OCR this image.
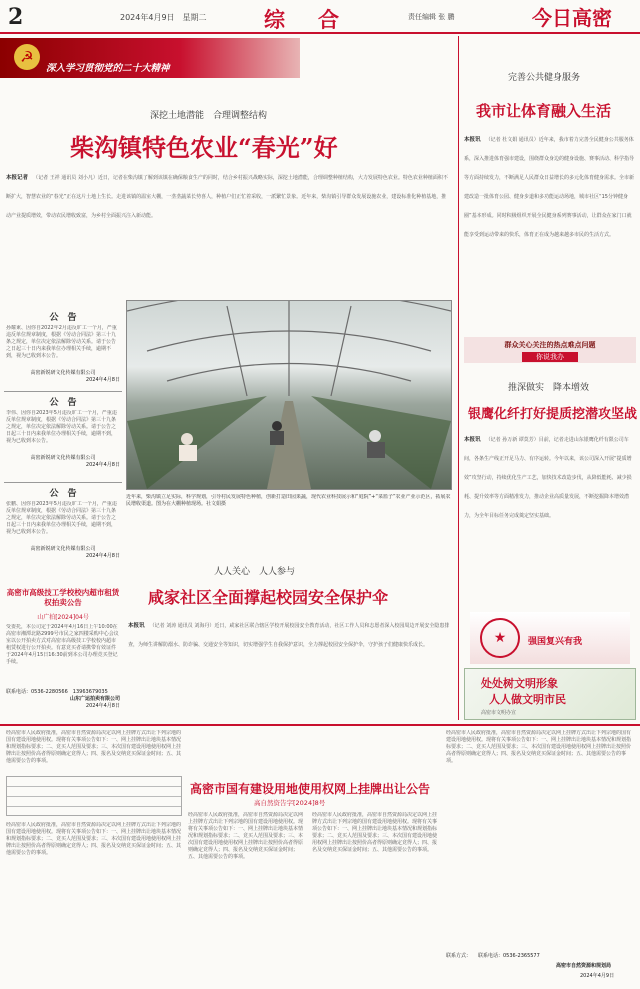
2	2024年4月9日　星期二	综　合	责任编辑 张 鹏	今日高密
☭
深入学习贯彻党的二十大精神
深挖土地潜能　合理调整结构
柴沟镇特色农业“春光”好
本报记者 （记者 王祥 通讯员 刘小凡）近日，记者在柴沟镇了解到该镇在确保粮食生产的同时，结合乡村振兴战略实际，深挖土地潜能，合理调整种植结构，大力发展特色农业。特色农业种植面积不断扩大，智慧农业的“春光”正在这片土地上生长。走进该镇的温室大棚，一垄垄蔬菜长势喜人，种植户们正忙着采收，一派繁忙景象。近年来，柴沟镇引导群众发展设施农业，建设标准化种植基地，推动产业提质增效，带动农民增收致富，为乡村全面振兴注入新动能。
公　告
孙耀東、因你自2022年2月违反旷工一个月，严重违反单位规章制度，根据《劳动合同法》第三十九条之规定，单位决定依法解除劳动关系。请于公告之日起三十日内来我单位办理相关手续，逾期不到，视为已收到本公告。
高密新锐研文化传媒有限公司
2024年4月8日
公　告
李伟、因你自2023年5月违反旷工一个月，严重违反单位规章制度，根据《劳动合同法》第三十九条之规定，单位决定依法解除劳动关系。请于公告之日起三十日内来我单位办理相关手续，逾期不到，视为已收到本公告。
高密新锐研文化传媒有限公司
2024年4月8日
公　告
张鹏、因你自2023年5月违反旷工一个月，严重违反单位规章制度，根据《劳动合同法》第三十九条之规定，单位决定依法解除劳动关系。请于公告之日起三十日内来我单位办理相关手续，逾期不到，视为已收到本公告。
高密新锐研文化传媒有限公司
2024年4月8日
高密市高级技工学校校内超市租赁权拍卖公告
山广拍[2024]04号
受委托，本公司定于2024年4月16日上午10:00在高密市湘潭北路2999号市民之家四楼采购中心会议室以公开拍卖方式对高密市高级技工学校校内超市租赁权进行公开拍卖。有意竞买者请携带有效证件于2024年4月15日16:30前到本公司办理竞买登记手续。
联系电话：0536-2280566　13963679035
山东广运拍卖有限公司
2024年4月8日
近年来，柴沟镇立足实际，科学规划，引导村民发展特色种植，创新打造田园果蔬，现代农业科技展示和“庭院”+“菜篮子”农业产业示范区，拓展农民增收渠道。图为在大棚种植现场。社文娟摄
人人关心　人人参与
咸家社区全面撑起校园安全保护伞
本报讯 （记者 刘涛 通讯员 刘海丹）近日，咸家社区联合辖区学校开展校园安全教育活动，社区工作人员和志愿者深入校园周边开展安全隐患排查，为师生讲解防溺水、防诈骗、交通安全等知识，切实增强学生自我保护意识，全力撑起校园安全保护伞，守护孩子们健康快乐成长。
完善公共健身服务
我市让体育融入生活
本报讯 （记者 杜文娟 通讯员）近年来，我市着力完善全民健身公共服务体系，深入推进体育强市建设，围绕群众身边的健身设施、赛事活动、科学指导等方面持续发力，不断满足人民群众日益增长的多元化体育健身需求。全市新建改造一批体育公园、健身步道和多功能运动场地，城市社区“15分钟健身圈”基本形成。同时积极组织开展全民健身系列赛事活动，让群众在家门口就能享受到运动带来的快乐，体育正在成为越来越多市民的生活方式。
群众关心关注的热点难点问题
你说我办
推深做实　降本增效
银鹰化纤打好提质挖潜攻坚战
本报讯 （记者 孙万新 谭莫芳）目前，记者走进山东银鹰化纤有限公司车间，各条生产线正开足马力、有序运转。今年以来，该公司深入开展“提质增效”攻坚行动，持续优化生产工艺，加快技术改造步伐，从降低能耗、减少损耗、提升效率等方面精准发力，推动企业高质量发展，不断挖掘降本增效潜力，为全年目标任务完成奠定坚实基础。
★	强国复兴有我
处处树文明形象
人人做文明市民
高密市文明办宣
高密市国有建设用地使用权网上挂牌出让公告
高自然资告字[2024]8号
经高密市人民政府批准，高密市自然资源局决定以网上挂牌方式出让下列宗地的国有建设用地使用权。现将有关事项公告如下：一、网上挂牌出让地块基本情况和规划指标要求；二、竞买人范围及要求；三、本次国有建设用地使用权网上挂牌出让按照价高者得原则确定竞得人；四、报名及交纳竞买保证金时间；五、其他需要公告的事项。
经高密市人民政府批准，高密市自然资源局决定以网上挂牌方式出让下列宗地的国有建设用地使用权。现将有关事项公告如下：一、网上挂牌出让地块基本情况和规划指标要求；二、竞买人范围及要求；三、本次国有建设用地使用权网上挂牌出让按照价高者得原则确定竞得人；四、报名及交纳竞买保证金时间；五、其他需要公告的事项。
经高密市人民政府批准，高密市自然资源局决定以网上挂牌方式出让下列宗地的国有建设用地使用权。现将有关事项公告如下：一、网上挂牌出让地块基本情况和规划指标要求；二、竞买人范围及要求；三、本次国有建设用地使用权网上挂牌出让按照价高者得原则确定竞得人；四、报名及交纳竞买保证金时间；五、其他需要公告的事项。
经高密市人民政府批准，高密市自然资源局决定以网上挂牌方式出让下列宗地的国有建设用地使用权。现将有关事项公告如下：一、网上挂牌出让地块基本情况和规划指标要求；二、竞买人范围及要求；三、本次国有建设用地使用权网上挂牌出让按照价高者得原则确定竞得人；四、报名及交纳竞买保证金时间；五、其他需要公告的事项。
经高密市人民政府批准，高密市自然资源局决定以网上挂牌方式出让下列宗地的国有建设用地使用权。现将有关事项公告如下：一、网上挂牌出让地块基本情况和规划指标要求；二、竞买人范围及要求；三、本次国有建设用地使用权网上挂牌出让按照价高者得原则确定竞得人；四、报名及交纳竞买保证金时间；五、其他需要公告的事项。
联系方式： 联系电话：0536-2365577
高密市自然资源和规划局
2024年4月9日
